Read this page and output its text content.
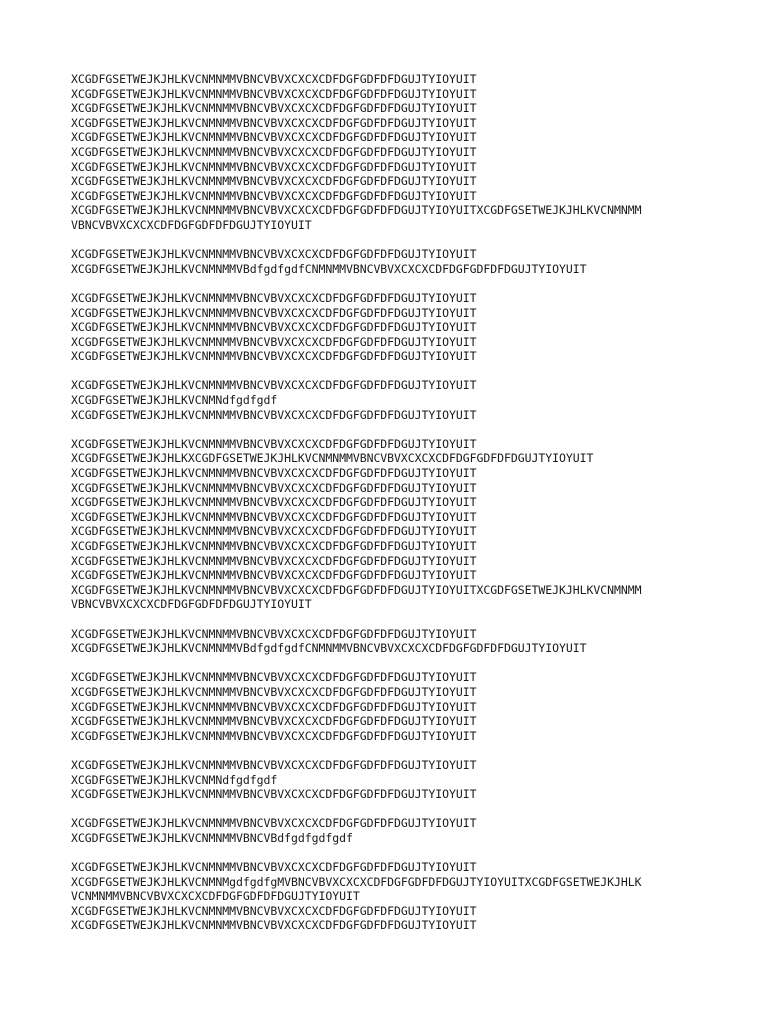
XCGDFGSETWEJKJHLKVCNMNMMVBNCVBVXCXCXCDFDGFGDFDFDGUJTYIOYUIT
XCGDFGSETWEJKJHLKVCNMNMMVBNCVBVXCXCXCDFDGFGDFDFDGUJTYIOYUIT
XCGDFGSETWEJKJHLKVCNMNMMVBNCVBVXCXCXCDFDGFGDFDFDGUJTYIOYUIT
XCGDFGSETWEJKJHLKVCNMNMMVBNCVBVXCXCXCDFDGFGDFDFDGUJTYIOYUIT
XCGDFGSETWEJKJHLKVCNMNMMVBNCVBVXCXCXCDFDGFGDFDFDGUJTYIOYUIT
XCGDFGSETWEJKJHLKVCNMNMMVBNCVBVXCXCXCDFDGFGDFDFDGUJTYIOYUIT
XCGDFGSETWEJKJHLKVCNMNMMVBNCVBVXCXCXCDFDGFGDFDFDGUJTYIOYUIT
XCGDFGSETWEJKJHLKVCNMNMMVBNCVBVXCXCXCDFDGFGDFDFDGUJTYIOYUIT
XCGDFGSETWEJKJHLKVCNMNMMVBNCVBVXCXCXCDFDGFGDFDFDGUJTYIOYUIT
XCGDFGSETWEJKJHLKVCNMNMMVBNCVBVXCXCXCDFDGFGDFDFDGUJTYIOYUITXCGDFGSETWEJKJHLKVCNMNMM
VBNCVBVXCXCXCDFDGFGDFDFDGUJTYIOYUIT
XCGDFGSETWEJKJHLKVCNMNMMVBNCVBVXCXCXCDFDGFGDFDFDGUJTYIOYUIT
XCGDFGSETWEJKJHLKVCNMNMMVBdfgdfgdfCNMNMMVBNCVBVXCXCXCDFDGFGDFDFDGUJTYIOYUIT
XCGDFGSETWEJKJHLKVCNMNMMVBNCVBVXCXCXCDFDGFGDFDFDGUJTYIOYUIT
XCGDFGSETWEJKJHLKVCNMNMMVBNCVBVXCXCXCDFDGFGDFDFDGUJTYIOYUIT
XCGDFGSETWEJKJHLKVCNMNMMVBNCVBVXCXCXCDFDGFGDFDFDGUJTYIOYUIT
XCGDFGSETWEJKJHLKVCNMNMMVBNCVBVXCXCXCDFDGFGDFDFDGUJTYIOYUIT
XCGDFGSETWEJKJHLKVCNMNMMVBNCVBVXCXCXCDFDGFGDFDFDGUJTYIOYUIT
XCGDFGSETWEJKJHLKVCNMNMMVBNCVBVXCXCXCDFDGFGDFDFDGUJTYIOYUIT
XCGDFGSETWEJKJHLKVCNMNdfgdfgdf
XCGDFGSETWEJKJHLKVCNMNMMVBNCVBVXCXCXCDFDGFGDFDFDGUJTYIOYUIT
XCGDFGSETWEJKJHLKVCNMNMMVBNCVBVXCXCXCDFDGFGDFDFDGUJTYIOYUIT
XCGDFGSETWEJKJHLKXCGDFGSETWEJKJHLKVCNMNMMVBNCVBVXCXCXCDFDGFGDFDFDGUJTYIOYUIT
XCGDFGSETWEJKJHLKVCNMNMMVBNCVBVXCXCXCDFDGFGDFDFDGUJTYIOYUIT
XCGDFGSETWEJKJHLKVCNMNMMVBNCVBVXCXCXCDFDGFGDFDFDGUJTYIOYUIT
XCGDFGSETWEJKJHLKVCNMNMMVBNCVBVXCXCXCDFDGFGDFDFDGUJTYIOYUIT
XCGDFGSETWEJKJHLKVCNMNMMVBNCVBVXCXCXCDFDGFGDFDFDGUJTYIOYUIT
XCGDFGSETWEJKJHLKVCNMNMMVBNCVBVXCXCXCDFDGFGDFDFDGUJTYIOYUIT
XCGDFGSETWEJKJHLKVCNMNMMVBNCVBVXCXCXCDFDGFGDFDFDGUJTYIOYUIT
XCGDFGSETWEJKJHLKVCNMNMMVBNCVBVXCXCXCDFDGFGDFDFDGUJTYIOYUIT
XCGDFGSETWEJKJHLKVCNMNMMVBNCVBVXCXCXCDFDGFGDFDFDGUJTYIOYUIT
XCGDFGSETWEJKJHLKVCNMNMMVBNCVBVXCXCXCDFDGFGDFDFDGUJTYIOYUITXCGDFGSETWEJKJHLKVCNMNMM
VBNCVBVXCXCXCDFDGFGDFDFDGUJTYIOYUIT
XCGDFGSETWEJKJHLKVCNMNMMVBNCVBVXCXCXCDFDGFGDFDFDGUJTYIOYUIT
XCGDFGSETWEJKJHLKVCNMNMMVBdfgdfgdfCNMNMMVBNCVBVXCXCXCDFDGFGDFDFDGUJTYIOYUIT
XCGDFGSETWEJKJHLKVCNMNMMVBNCVBVXCXCXCDFDGFGDFDFDGUJTYIOYUIT
XCGDFGSETWEJKJHLKVCNMNMMVBNCVBVXCXCXCDFDGFGDFDFDGUJTYIOYUIT
XCGDFGSETWEJKJHLKVCNMNMMVBNCVBVXCXCXCDFDGFGDFDFDGUJTYIOYUIT
XCGDFGSETWEJKJHLKVCNMNMMVBNCVBVXCXCXCDFDGFGDFDFDGUJTYIOYUIT
XCGDFGSETWEJKJHLKVCNMNMMVBNCVBVXCXCXCDFDGFGDFDFDGUJTYIOYUIT
XCGDFGSETWEJKJHLKVCNMNMMVBNCVBVXCXCXCDFDGFGDFDFDGUJTYIOYUIT
XCGDFGSETWEJKJHLKVCNMNdfgdfgdf
XCGDFGSETWEJKJHLKVCNMNMMVBNCVBVXCXCXCDFDGFGDFDFDGUJTYIOYUIT
XCGDFGSETWEJKJHLKVCNMNMMVBNCVBVXCXCXCDFDGFGDFDFDGUJTYIOYUIT
XCGDFGSETWEJKJHLKVCNMNMMVBNCVBdfgdfgdfgdf
XCGDFGSETWEJKJHLKVCNMNMMVBNCVBVXCXCXCDFDGFGDFDFDGUJTYIOYUIT
XCGDFGSETWEJKJHLKVCNMNMgdfgdfgMVBNCVBVXCXCXCDFDGFGDFDFDGUJTYIOYUITXCGDFGSETWEJKJHLK
VCNMNMMVBNCVBVXCXCXCDFDGFGDFDFDGUJTYIOYUIT
XCGDFGSETWEJKJHLKVCNMNMMVBNCVBVXCXCXCDFDGFGDFDFDGUJTYIOYUIT
XCGDFGSETWEJKJHLKVCNMNMMVBNCVBVXCXCXCDFDGFGDFDFDGUJTYIOYUIT
